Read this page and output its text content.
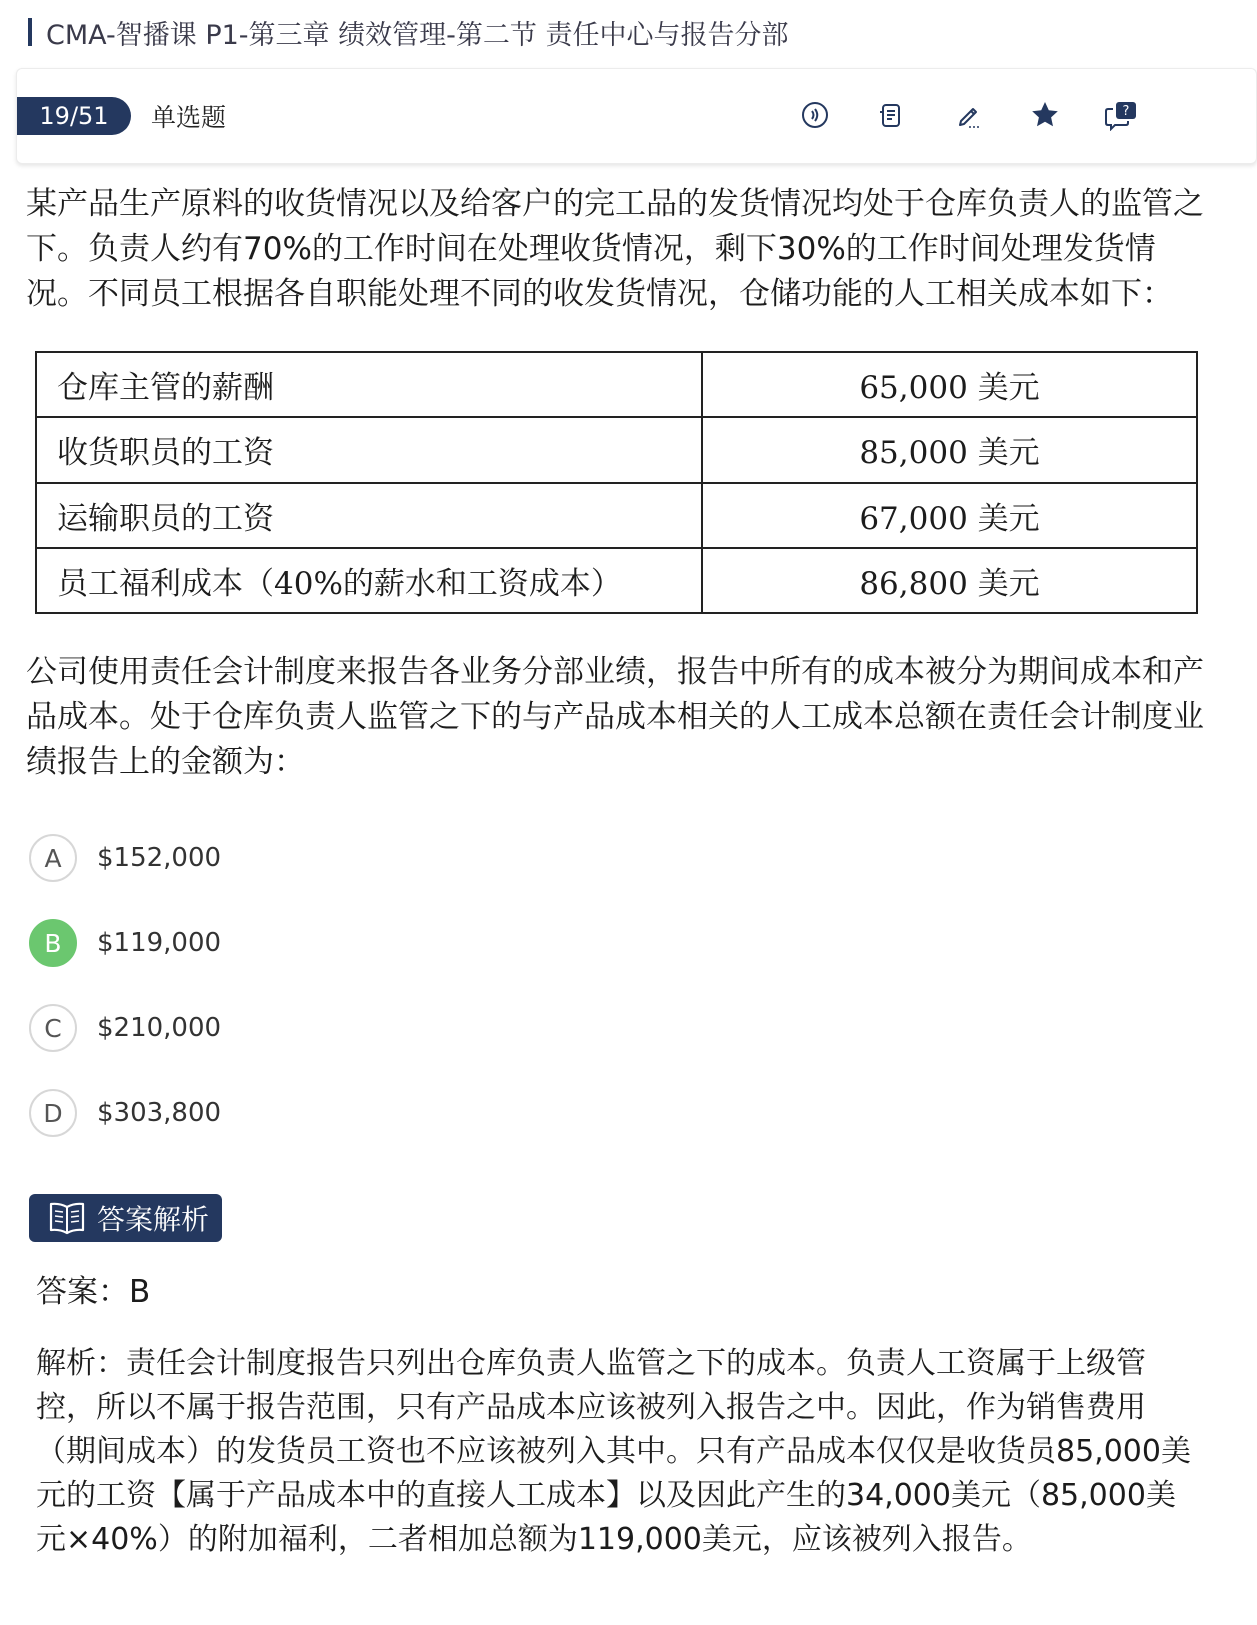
CMA-智播课 P1-第三章 绩效管理-第二节 责任中心与报告分部
19/51	单选题	?
某产品生产原料的收货情况以及给客户的完工品的发货情况均处于仓库负责人的监管之下。负责人约有70%的工作时间在处理收货情况，剩下30%的工作时间处理发货情况。不同员工根据各自职能处理不同的收发货情况，仓储功能的人工相关成本如下：
仓库主管的薪酬	65,000 美元
收货职员的工资	85,000 美元
运输职员的工资	67,000 美元
员工福利成本（40%的薪水和工资成本）	86,800 美元
公司使用责任会计制度来报告各业务分部业绩，报告中所有的成本被分为期间成本和产品成本。处于仓库负责人监管之下的与产品成本相关的人工成本总额在责任会计制度业绩报告上的金额为：
A	$152,000
B	$119,000
C	$210,000
D	$303,800
答案解析
答案：B
解析：责任会计制度报告只列出仓库负责人监管之下的成本。负责人工资属于上级管控，所以不属于报告范围，只有产品成本应该被列入报告之中。因此，作为销售费用（期间成本）的发货员工资也不应该被列入其中。只有产品成本仅仅是收货员85,000美元的工资【属于产品成本中的直接人工成本】以及因此产生的34,000美元（85,000美元×40%）的附加福利，二者相加总额为119,000美元，应该被列入报告。
